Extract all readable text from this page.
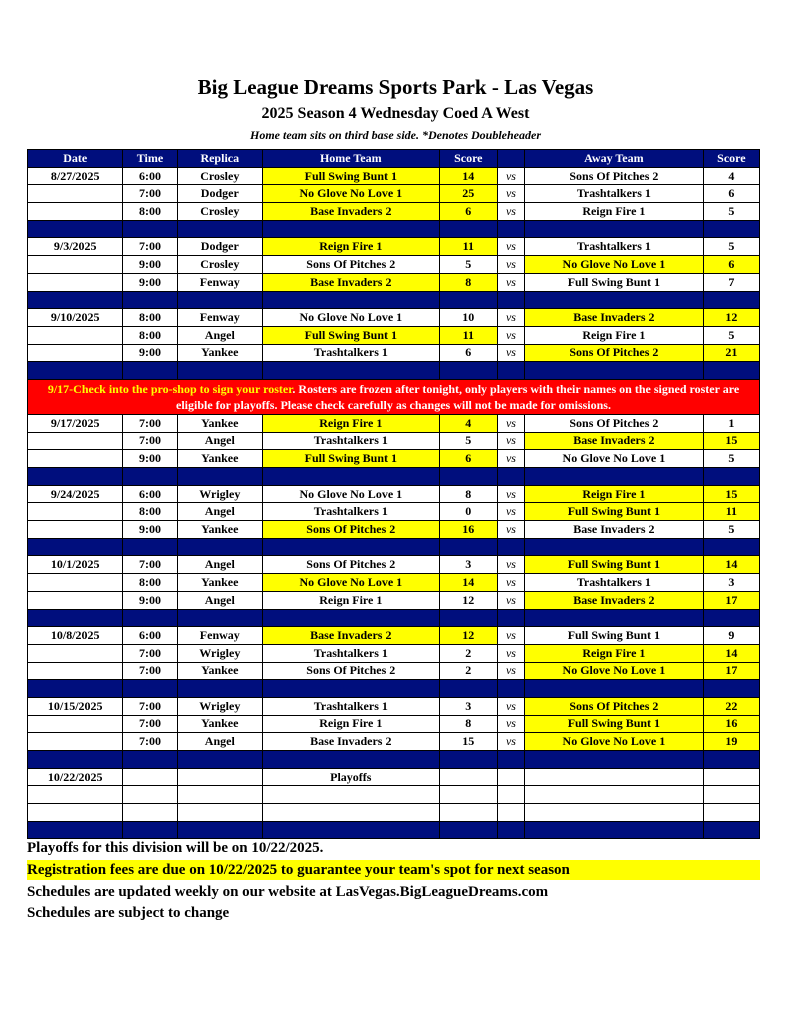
Big League Dreams Sports Park - Las Vegas
2025 Season 4 Wednesday Coed A West
Home team sits on third base side. *Denotes Doubleheader
Date	Time	Replica	Home Team	Score		Away Team	Score
8/27/2025	6:00	Crosley	Full Swing Bunt 1	14	vs	Sons Of Pitches 2	4
	7:00	Dodger	No Glove No Love 1	25	vs	Trashtalkers 1	6
	8:00	Crosley	Base Invaders 2	6	vs	Reign Fire 1	5

9/3/2025	7:00	Dodger	Reign Fire 1	11	vs	Trashtalkers 1	5
	9:00	Crosley	Sons Of Pitches 2	5	vs	No Glove No Love 1	6
	9:00	Fenway	Base Invaders 2	8	vs	Full Swing Bunt 1	7

9/10/2025	8:00	Fenway	No Glove No Love 1	10	vs	Base Invaders 2	12
	8:00	Angel	Full Swing Bunt 1	11	vs	Reign Fire 1	5
	9:00	Yankee	Trashtalkers 1	6	vs	Sons Of Pitches 2	21

9/17-Check into the pro-shop to sign your roster. Rosters are frozen after tonight, only players with their names on the signed roster are eligible for playoffs. Please check carefully as changes will not be made for omissions.							
9/17/2025	7:00	Yankee	Reign Fire 1	4	vs	Sons Of Pitches 2	1
	7:00	Angel	Trashtalkers 1	5	vs	Base Invaders 2	15
	9:00	Yankee	Full Swing Bunt 1	6	vs	No Glove No Love 1	5

9/24/2025	6:00	Wrigley	No Glove No Love 1	8	vs	Reign Fire 1	15
	8:00	Angel	Trashtalkers 1	0	vs	Full Swing Bunt 1	11
	9:00	Yankee	Sons Of Pitches 2	16	vs	Base Invaders 2	5

10/1/2025	7:00	Angel	Sons Of Pitches 2	3	vs	Full Swing Bunt 1	14
	8:00	Yankee	No Glove No Love 1	14	vs	Trashtalkers 1	3
	9:00	Angel	Reign Fire 1	12	vs	Base Invaders 2	17

10/8/2025	6:00	Fenway	Base Invaders 2	12	vs	Full Swing Bunt 1	9
	7:00	Wrigley	Trashtalkers 1	2	vs	Reign Fire 1	14
	7:00	Yankee	Sons Of Pitches 2	2	vs	No Glove No Love 1	17

10/15/2025	7:00	Wrigley	Trashtalkers 1	3	vs	Sons Of Pitches 2	22
	7:00	Yankee	Reign Fire 1	8	vs	Full Swing Bunt 1	16
	7:00	Angel	Base Invaders 2	15	vs	No Glove No Love 1	19

10/22/2025			Playoffs				

Playoffs for this division will be on 10/22/2025.
Registration fees are due on 10/22/2025 to guarantee your team's spot for next season
Schedules are updated weekly on our website at LasVegas.BigLeagueDreams.com
Schedules are subject to change
